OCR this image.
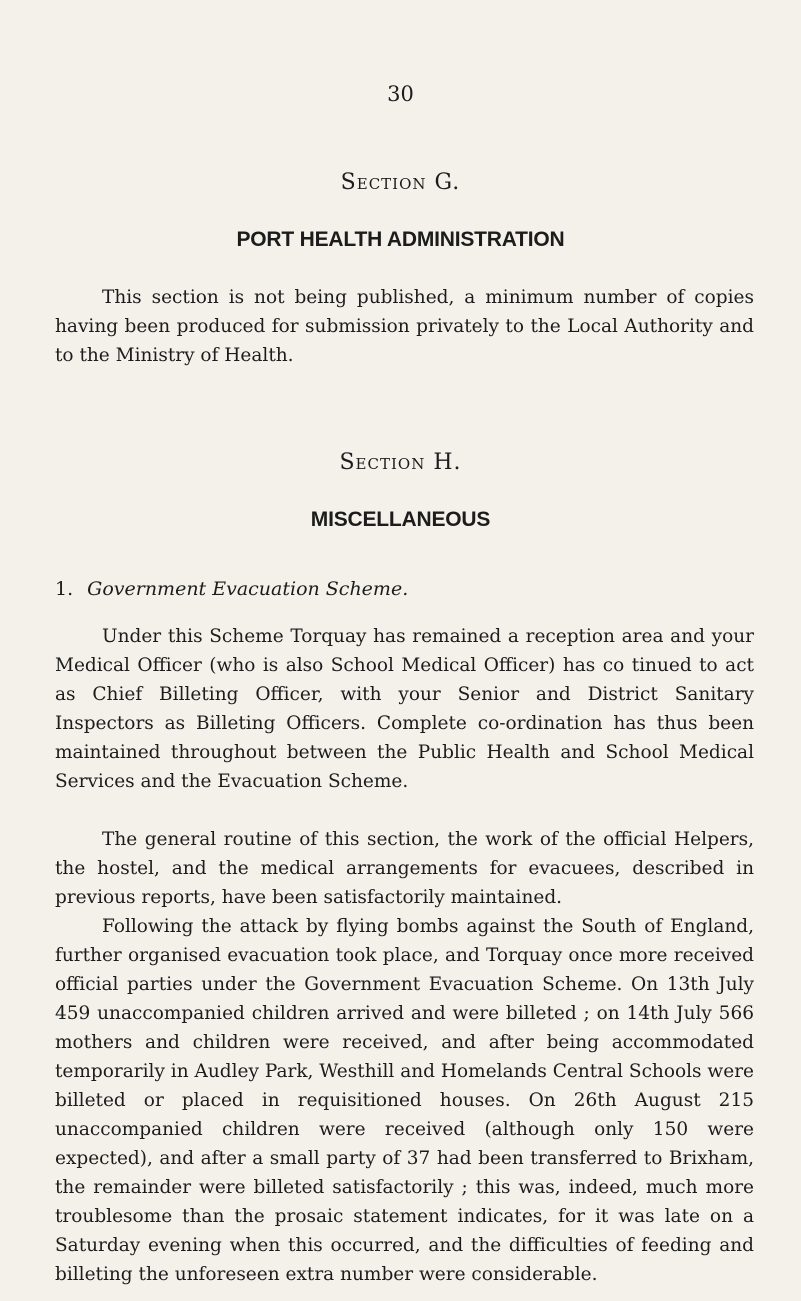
30
Section G.
PORT HEALTH ADMINISTRATION

This section is not being published, a minimum number of copies having been produced for submission privately to the Local Authority and to the Ministry of Health.

Section H.
MISCELLANEOUS
1. Government Evacuation Scheme.

Under this Scheme Torquay has remained a reception area and your Medical Officer (who is also School Medical Officer) has co tinued to act as Chief Billeting Officer, with your Senior and District Sanitary Inspectors as Billeting Officers. Complete co-ordination has thus been maintained throughout between the Public Health and School Medical Services and the Evacuation Scheme.

The general routine of this section, the work of the official Helpers, the hostel, and the medical arrangements for evacuees, described in previous reports, have been satisfactorily maintained.

Following the attack by flying bombs against the South of England, further organised evacuation took place, and Torquay once more received official parties under the Government Evacuation Scheme. On 13th July 459 unaccompanied children arrived and were billeted ; on 14th July 566 mothers and children were received, and after being accommodated temporarily in Audley Park, Westhill and Homelands Central Schools were billeted or placed in requisitioned houses. On 26th August 215 unaccompanied children were received (although only 150 were expected), and after a small party of 37 had been transferred to Brixham, the remainder were billeted satisfactorily ; this was, indeed, much more troublesome than the prosaic statement indicates, for it was late on a Saturday evening when this occurred, and the difficulties of feeding and billeting the unforeseen extra number were considerable.
